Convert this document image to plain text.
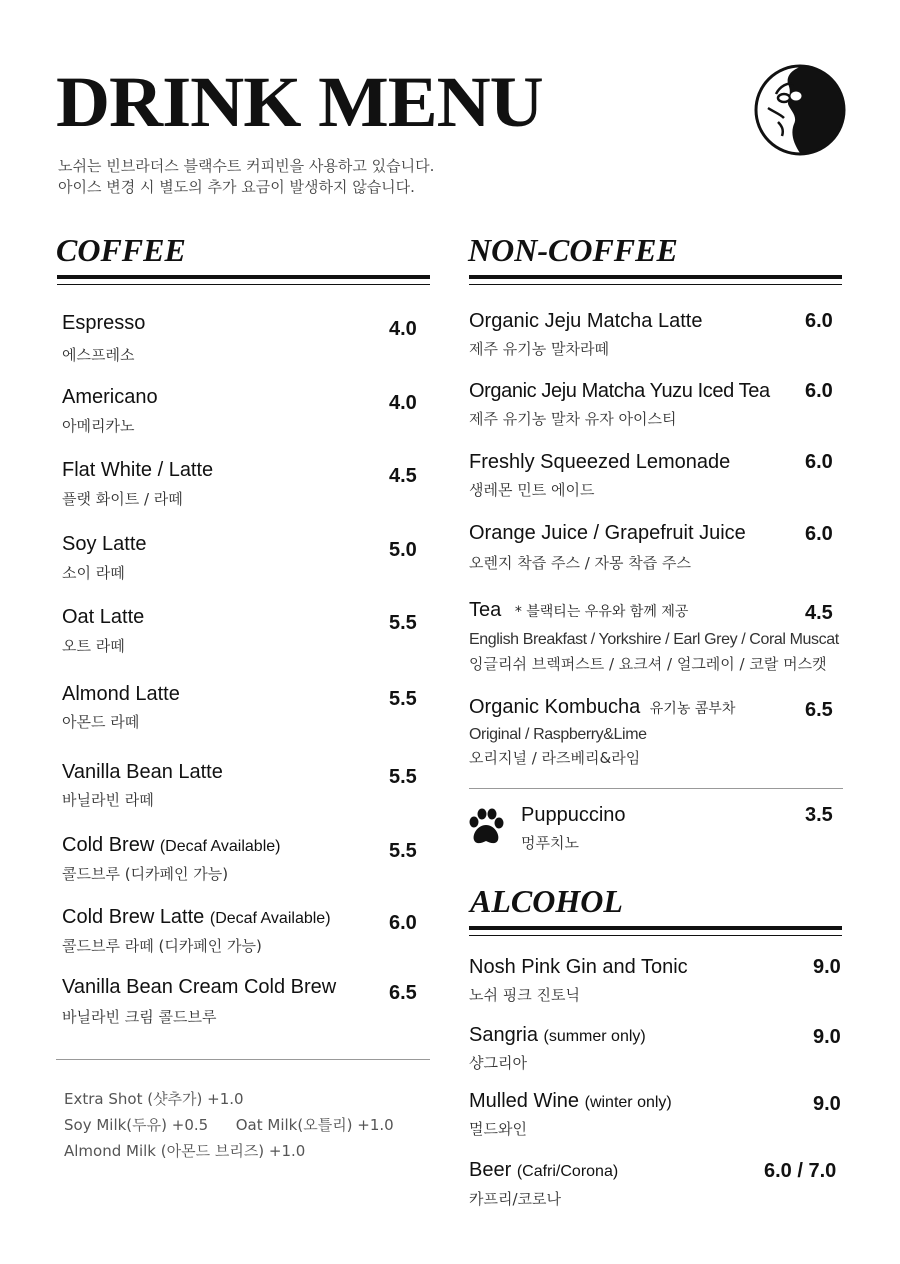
DRINK MENU
노쉬는 빈브라더스 블랙수트 커피빈을 사용하고 있습니다.
아이스 변경 시 별도의 추가 요금이 발생하지 않습니다.
COFFEE	NON-COFFEE
Espresso
에스프레소
4.0
Americano
아메리카노
4.0
Flat White / Latte
플랫 화이트 / 라떼
4.5
Soy Latte
소이 라떼
5.0
Oat Latte
오트 라떼
5.5
Almond Latte
아몬드 라떼
5.5
Vanilla Bean Latte
바닐라빈 라떼
5.5
Cold Brew (Decaf Available)
콜드브루 (디카페인 가능)
5.5
Cold Brew Latte (Decaf Available)
콜드브루 라떼 (디카페인 가능)
6.0
Vanilla Bean Cream Cold Brew
바닐라빈 크림 콜드브루
6.5
Extra Shot (샷추가) +1.0
Soy Milk(두유) +0.5 Oat Milk(오틀리) +1.0
Almond Milk (아몬드 브리즈) +1.0
Organic Jeju Matcha Latte
제주 유기농 말차라떼
6.0
Organic Jeju Matcha Yuzu Iced Tea
제주 유기농 말차 유자 아이스티
6.0
Freshly Squeezed Lemonade
생레몬 민트 에이드
6.0
Orange Juice / Grapefruit Juice
오렌지 착즙 주스 / 자몽 착즙 주스
6.0
Tea * 블랙티는 우유와 함께 제공
English Breakfast / Yorkshire / Earl Grey / Coral Muscat
잉글리쉬 브렉퍼스트 / 요크셔 / 얼그레이 / 코랄 머스캣
4.5
Organic Kombucha 유기농 콤부차
Original / Raspberry&Lime
오리지널 / 라즈베리&라임
6.5
Puppuccino
멍푸치노
3.5
ALCOHOL
Nosh Pink Gin and Tonic
노쉬 핑크 진토닉
9.0
Sangria (summer only)
샹그리아
9.0
Mulled Wine (winter only)
멀드와인
9.0
Beer (Cafri/Corona)
카프리/코로나
6.0 / 7.0
